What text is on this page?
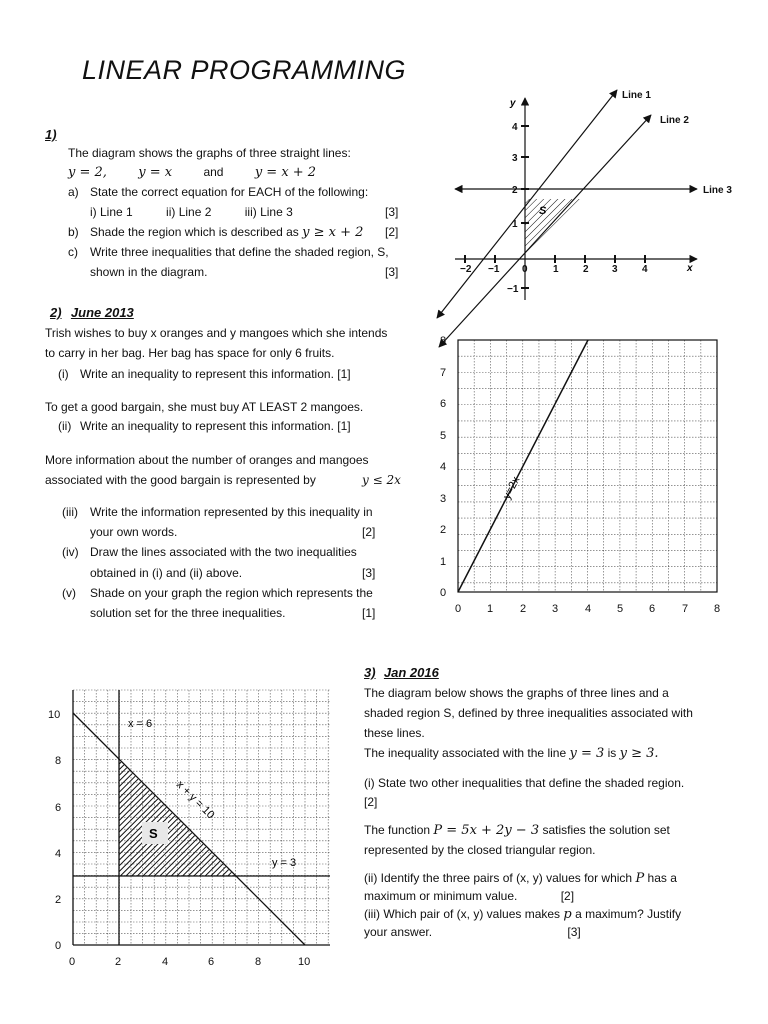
LINEAR PROGRAMMING
1)
The diagram shows the graphs of three straight lines:
y = 2, y = x	and y = x + 2
a) State the correct equation for EACH of the following:
i) Line 1	ii) Line 2	iii) Line 3	[3]
b) Shade the region which is described as y ≥ x + 2 [2]
c) Write three inequalities that define the shaded region, S,
shown in the diagram.	[3]	−2 −1 0	1 2 3 4
4
3
2
1
−1
Line 1
Line 2
Line 3
x
y
S
2) June 2013
Trish wishes to buy x oranges and y mangoes which she intends
to carry in her bag. Her bag has space for only 6 fruits.
(i) Write an inequality to represent this information. [1]
To get a good bargain, she must buy AT LEAST 2 mangoes.
(ii) Write an inequality to represent this information. [1]
More information about the number of oranges and mangoes
associated with the good bargain is represented by	y ≤ 2x
(iii) Write the information represented by this inequality in
your own words.	[2]
(iv) Draw the lines associated with the two inequalities
obtained in (i) and (ii) above.	[3]
(v) Shade on your graph the region which represents the
solution set for the three inequalities.	[1]
y=2x
0 1 2 3 4 5 6 7 8
0
1
2
3
4
5
6
7
8
3) Jan 2016
The diagram below shows the graphs of three lines and a
shaded region S, defined by three inequalities associated with
these lines.
The inequality associated with the line y = 3 is y ≥ 3.
(i) State two other inequalities that define the shaded region.
[2]
The function P = 5x + 2y − 3 satisfies the solution set
represented by the closed triangular region.
(ii) Identify the three pairs of (x, y) values for which P has a
maximum or minimum value.	[2]
(iii) Which pair of (x, y) values makes p a maximum? Justify
your answer.	[3]
S
x = 6
x + y = 10
y = 3
0	2	4	6	8	10
0
2
4
6
8
10
